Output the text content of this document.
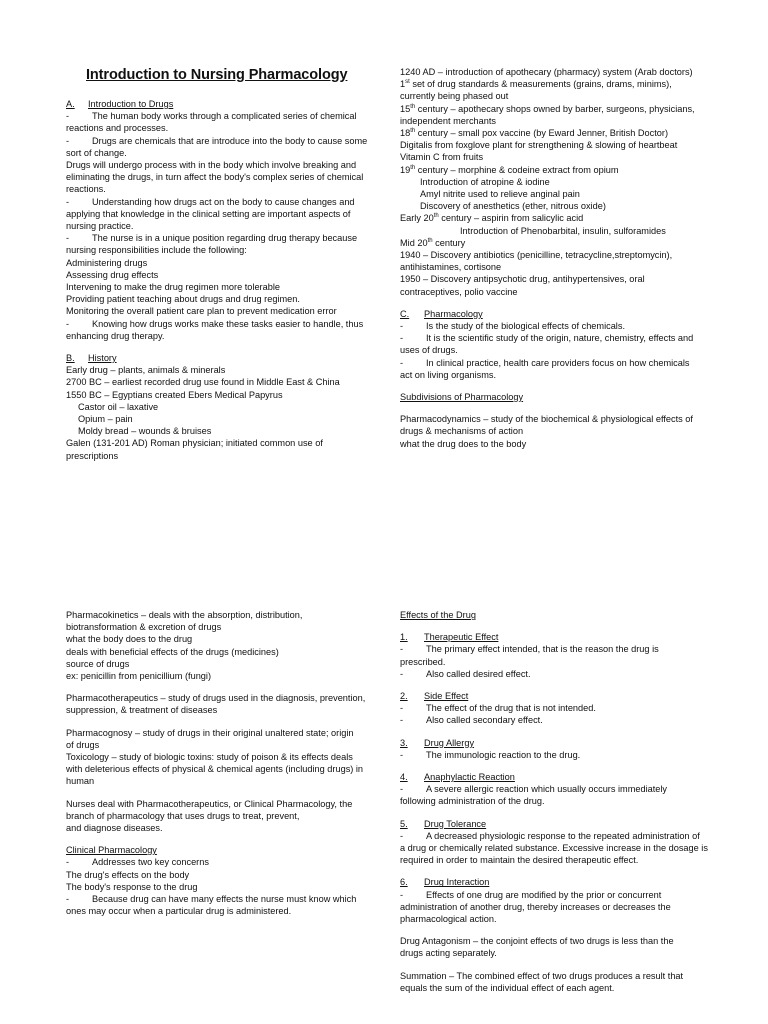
Introduction to Nursing Pharmacology

A.	Introduction to Drugs

-	The human body works through a complicated series of chemical

reactions and processes.

-	Drugs are chemicals that are introduce into the body to cause some

sort of change.

Drugs will undergo process with in the body which involve breaking and

eliminating the drugs, in turn affect the body's complex series of chemical

reactions.

-	Understanding how drugs act on the body to cause changes and

applying that knowledge in the clinical setting are important aspects of

nursing practice.

-	The nurse is in a unique position regarding drug therapy because

nursing responsibilities include the following:

Administering drugs

Assessing drug effects

Intervening to make the drug regimen more tolerable

Providing patient teaching about drugs and drug regimen.

Monitoring the overall patient care plan to prevent medication error

-	Knowing how drugs works make these tasks easier to handle, thus

enhancing drug therapy.

B.	History

Early drug – plants, animals & minerals

2700 BC – earliest recorded drug use found in Middle East & China

1550 BC – Egyptians created Ebers Medical Papyrus

Castor oil – laxative

Opium – pain

Moldy bread – wounds & bruises

Galen (131-201 AD) Roman physician; initiated common use of

prescriptions

1240 AD – introduction of apothecary (pharmacy) system (Arab doctors)

1st set of drug standards & measurements (grains, drams, minims),

currently being phased out

15th century – apothecary shops owned by barber, surgeons, physicians,

independent merchants

18th century – small pox vaccine (by Eward Jenner, British Doctor)

Digitalis from foxglove plant for strengthening & slowing of heartbeat

Vitamin C from fruits

19th century – morphine & codeine extract from opium

Introduction of atropine & iodine

Amyl nitrite used to relieve anginal pain

Discovery of anesthetics (ether, nitrous oxide)

Early 20th century – aspirin from salicylic acid

Introduction of Phenobarbital, insulin, sulforamides

Mid 20th century

1940 – Discovery antibiotics (penicilline, tetracycline,streptomycin),

antihistamines, cortisone

1950 – Discovery antipsychotic drug, antihypertensives, oral

contraceptives, polio vaccine

C.	Pharmacology

-	Is the study of the biological effects of chemicals.

-	It is the scientific study of the origin, nature, chemistry, effects and

uses of drugs.

-	In clinical practice, health care providers focus on how chemicals

act on living organisms.

Subdivisions of Pharmacology

Pharmacodynamics – study of the biochemical & physiological effects of

drugs & mechanisms of action

what the drug does to the body

Pharmacokinetics – deals with the absorption, distribution,

biotransformation & excretion of drugs

what the body does to the drug

deals with beneficial effects of the drugs (medicines)

source of drugs

ex: penicillin from penicillium (fungi)

Pharmacotherapeutics – study of drugs used in the diagnosis, prevention,

suppression, & treatment of diseases

Pharmacognosy – study of drugs in their original unaltered state; origin

of drugs

Toxicology – study of biologic toxins: study of poison & its effects deals

with deleterious effects of physical & chemical agents (including drugs) in

human

Nurses deal with Pharmacotherapeutics, or Clinical Pharmacology, the

branch of pharmacology that uses drugs to treat, prevent,

and diagnose diseases.

Clinical Pharmacology

-	Addresses two key concerns

The drug's effects on the body

The body's response to the drug

-	Because drug can have many effects the nurse must know which

ones may occur when a particular drug is administered.

Effects of the Drug

1.	Therapeutic Effect

-	The primary effect intended, that is the reason the drug is

prescribed.

-	Also called desired effect.

2.	Side Effect

-	The effect of the drug that is not intended.

-	Also called secondary effect.

3.	Drug Allergy

-	The immunologic reaction to the drug.

4.	Anaphylactic Reaction

-	A severe allergic reaction which usually occurs immediately

following administration of the drug.

5.	Drug Tolerance

-	A decreased physiologic response to the repeated administration of

a drug or chemically related substance. Excessive increase in the dosage is

required in order to maintain the desired therapeutic effect.

6.	Drug Interaction

-	Effects of one drug are modified by the prior or concurrent

administration of another drug, thereby increases or decreases the

pharmacological action.

Drug Antagonism – the conjoint effects of two drugs is less than the

drugs acting separately.

Summation – The combined effect of two drugs produces a result that

equals the sum of the individual effect of each agent.
